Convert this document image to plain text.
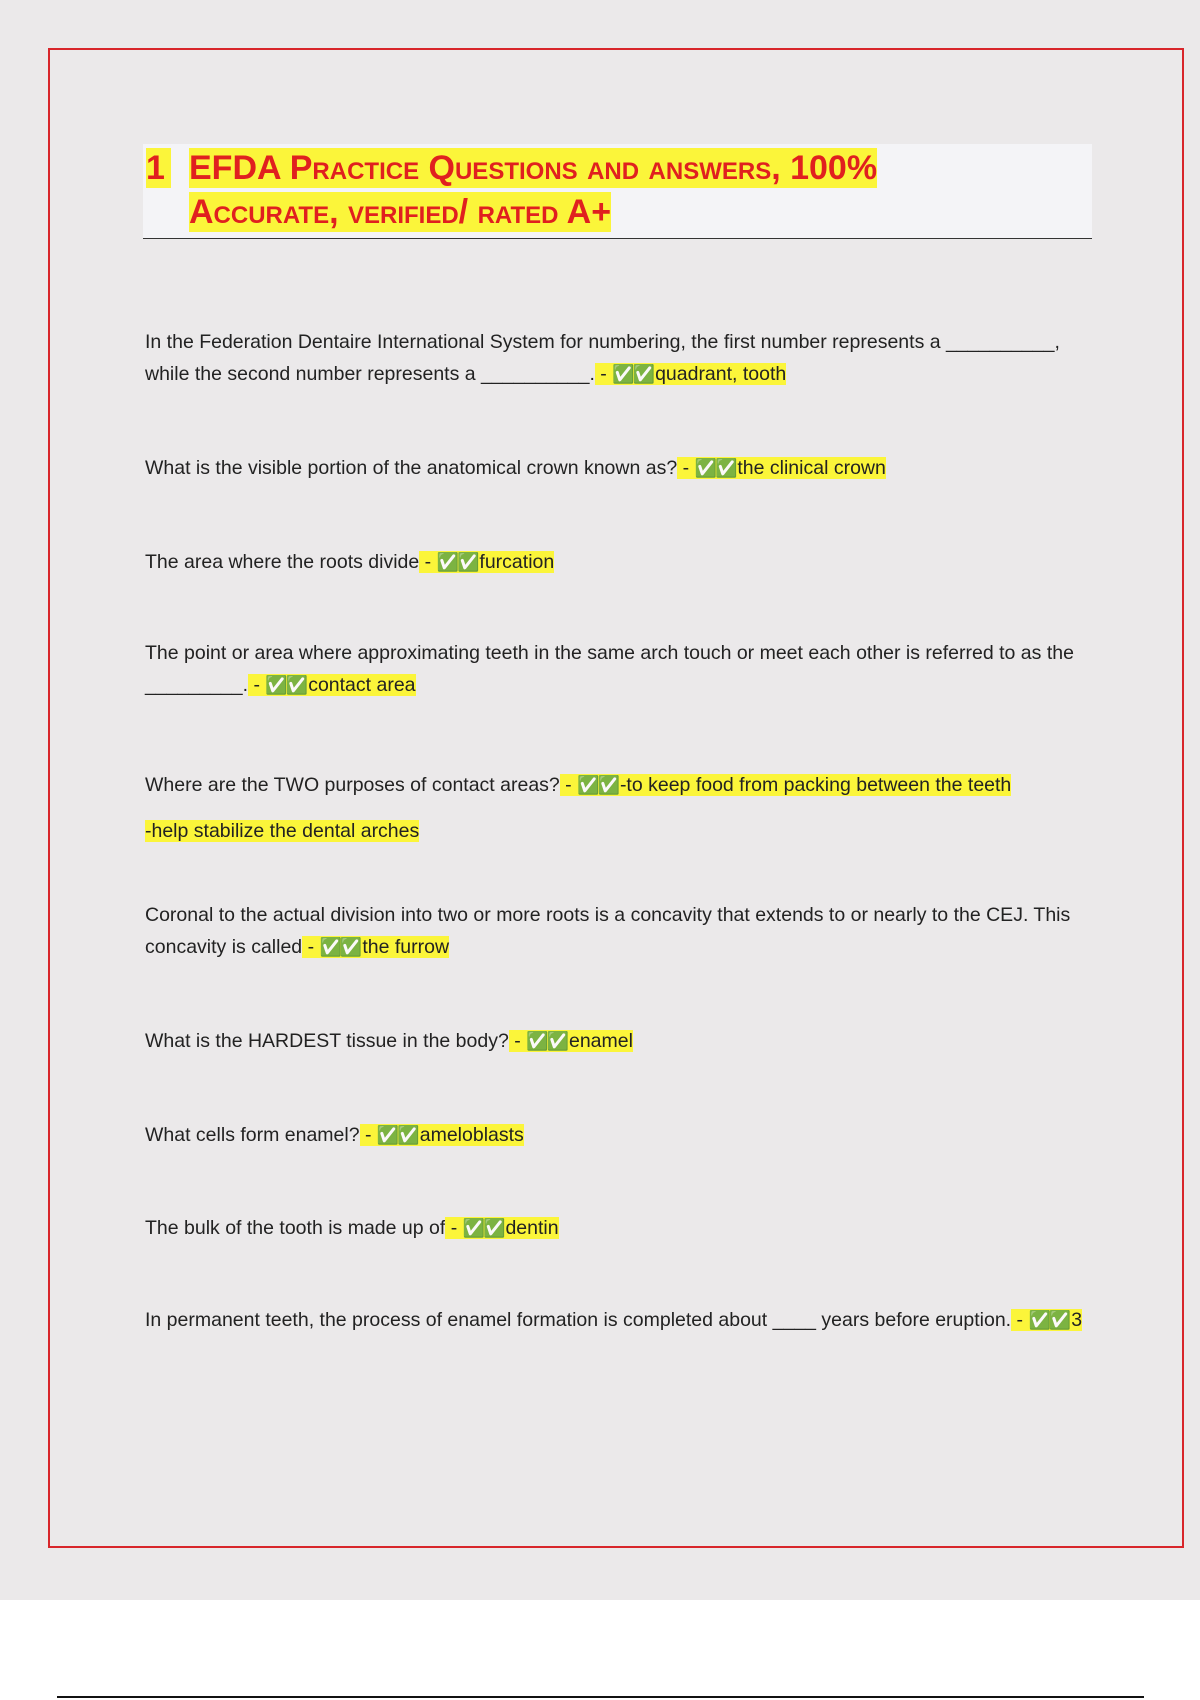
1 EFDA Practice Questions and answers, 100%
Accurate, verified/ rated A+
In the Federation Dentaire International System for numbering, the first number represents a __________, while the second number represents a __________. - ✅✅ quadrant, tooth
What is the visible portion of the anatomical crown known as? - ✅✅ the clinical crown
The area where the roots divide - ✅✅ furcation
The point or area where approximating teeth in the same arch touch or meet each other is referred to as the _________. - ✅✅ contact area
Where are the TWO purposes of contact areas? - ✅✅ -to keep food from packing between the teeth
-help stabilize the dental arches
Coronal to the actual division into two or more roots is a concavity that extends to or nearly to the CEJ. This concavity is called - ✅✅ the furrow
What is the HARDEST tissue in the body? - ✅✅ enamel
What cells form enamel? - ✅✅ ameloblasts
The bulk of the tooth is made up of - ✅✅ dentin
In permanent teeth, the process of enamel formation is completed about ____ years before eruption. - ✅✅ 3
